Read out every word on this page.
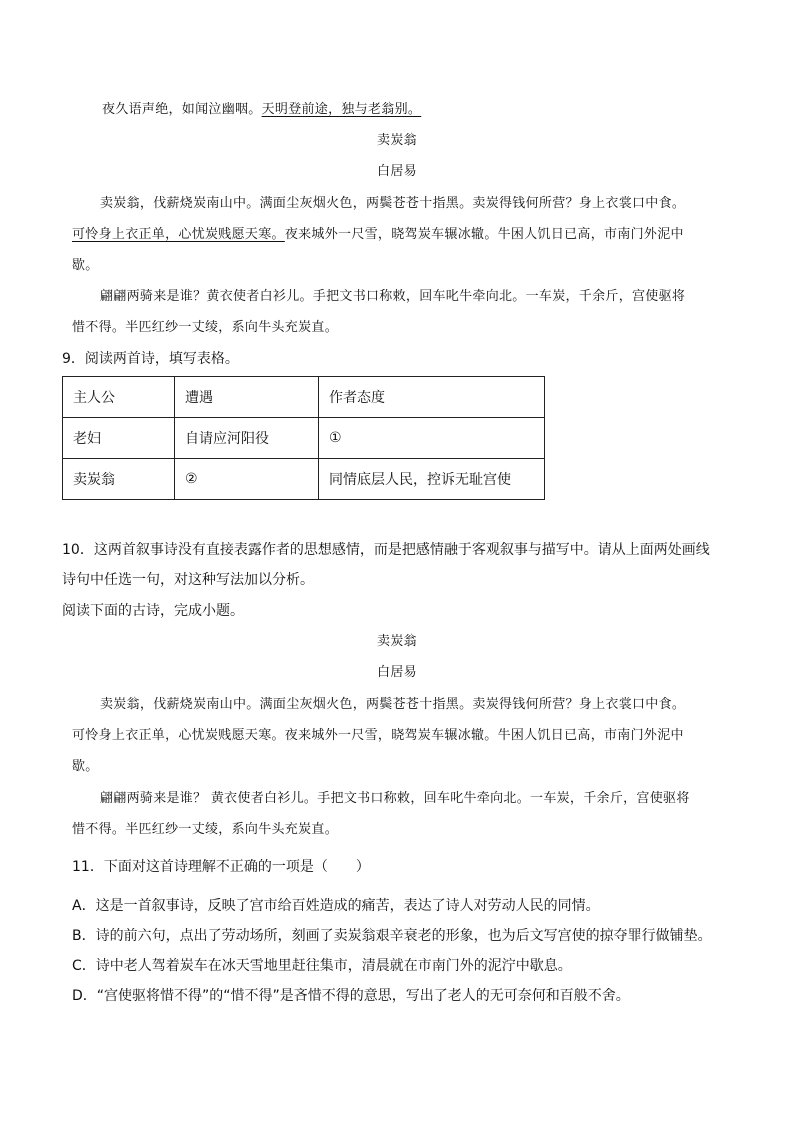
夜久语声绝，如闻泣幽咽。天明登前途，独与老翁别。
卖炭翁
白居易
卖炭翁，伐薪烧炭南山中。满面尘灰烟火色，两鬓苍苍十指黑。卖炭得钱何所营？身上衣裳口中食。
可怜身上衣正单，心忧炭贱愿天寒。夜来城外一尺雪，晓驾炭车辗冰辙。牛困人饥日已高，市南门外泥中
歇。
翩翩两骑来是谁？黄衣使者白衫儿。手把文书口称敕，回车叱牛牵向北。一车炭，千余斤，宫使驱将
惜不得。半匹红纱一丈绫，系向牛头充炭直。
9．阅读两首诗，填写表格。
主人公	遭遇	作者态度
老妇	自请应河阳役	①
卖炭翁	②	同情底层人民，控诉无耻宫使
10．这两首叙事诗没有直接表露作者的思想感情，而是把感情融于客观叙事与描写中。请从上面两处画线
诗句中任选一句，对这种写法加以分析。
阅读下面的古诗，完成小题。
卖炭翁
白居易
卖炭翁，伐薪烧炭南山中。满面尘灰烟火色，两鬓苍苍十指黑。卖炭得钱何所营？身上衣裳口中食。
可怜身上衣正单，心忧炭贱愿天寒。夜来城外一尺雪，晓驾炭车辗冰辙。牛困人饥日已高，市南门外泥中
歇。
翩翩两骑来是谁？ 黄衣使者白衫儿。手把文书口称敕，回车叱牛牵向北。一车炭，千余斤，宫使驱将
惜不得。半匹红纱一丈绫，系向牛头充炭直。
11．下面对这首诗理解不正确的一项是（　　）
A．这是一首叙事诗，反映了宫市给百姓造成的痛苦，表达了诗人对劳动人民的同情。
B．诗的前六句，点出了劳动场所，刻画了卖炭翁艰辛衰老的形象，也为后文写宫使的掠夺罪行做铺垫。
C．诗中老人驾着炭车在冰天雪地里赶往集市，清晨就在市南门外的泥泞中歇息。
D．“宫使驱将惜不得”的“惜不得”是吝惜不得的意思，写出了老人的无可奈何和百般不舍。
